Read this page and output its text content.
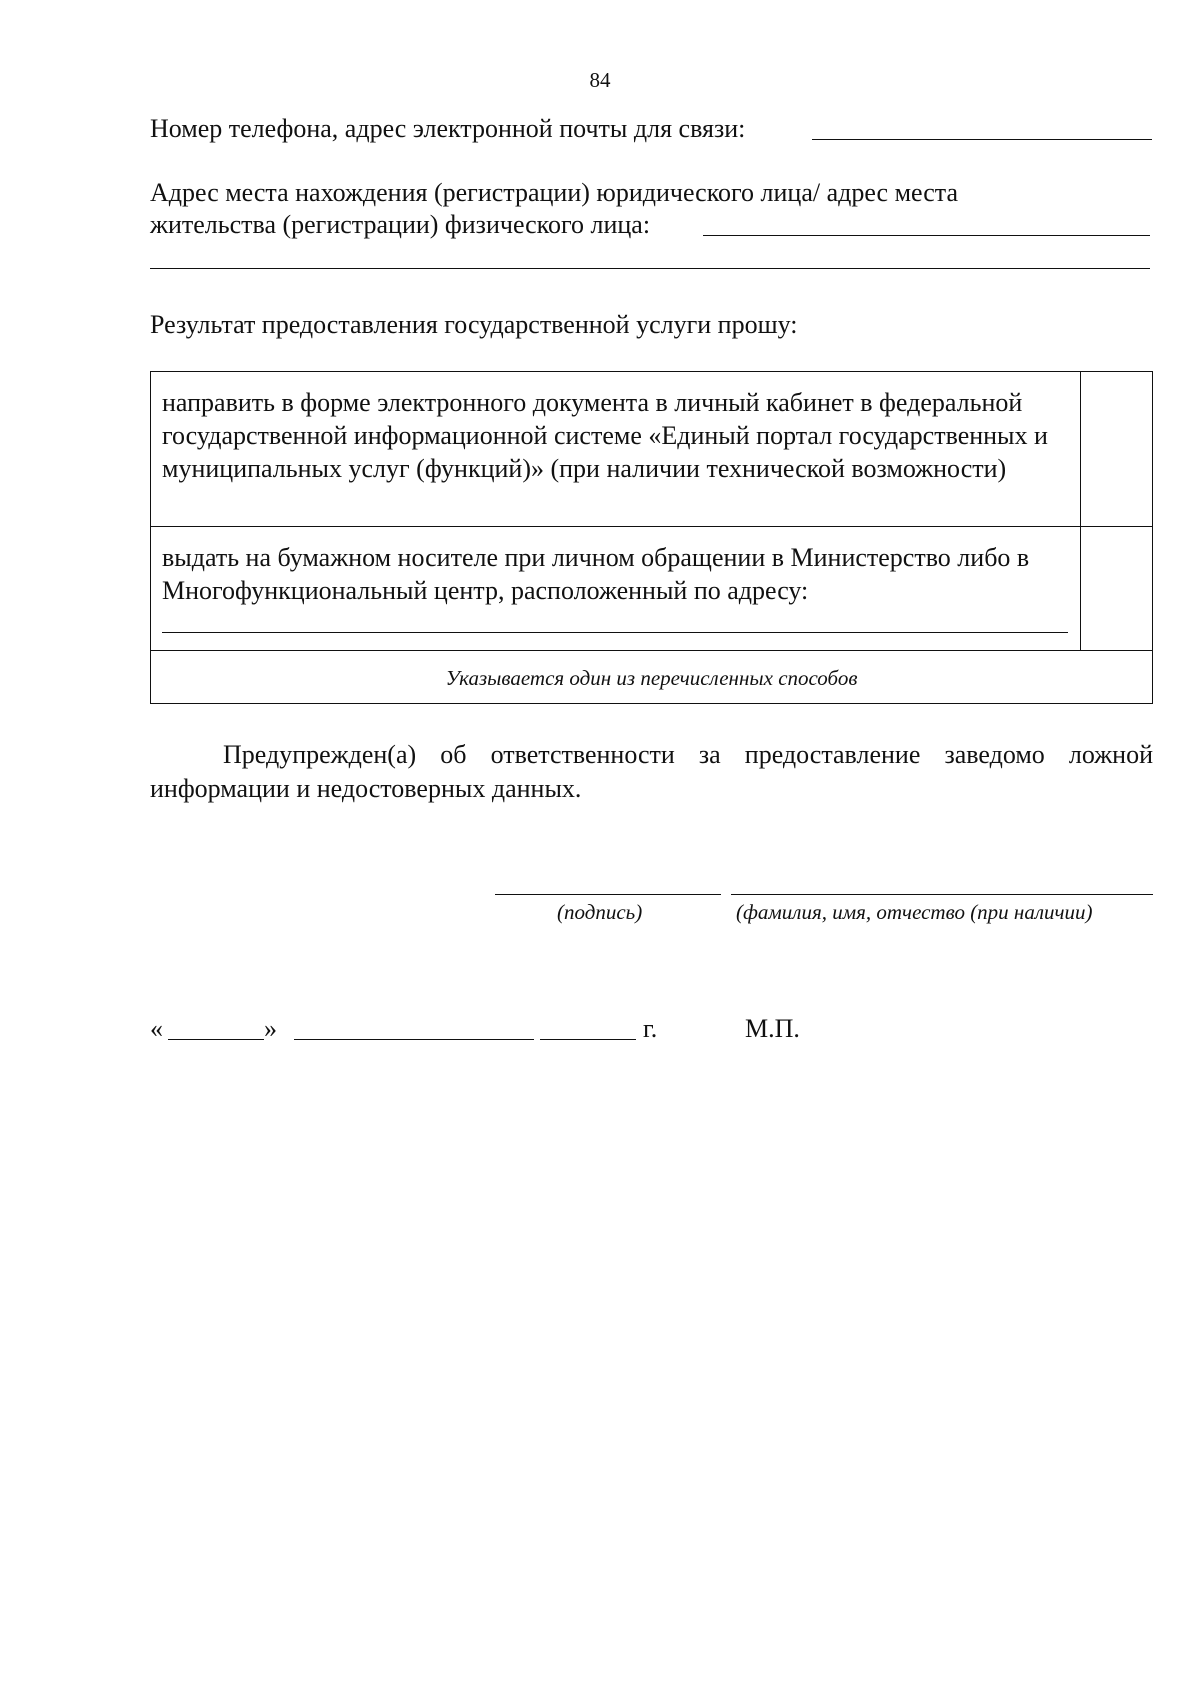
84
Номер телефона, адрес электронной почты для связи:
Адрес места нахождения (регистрации) юридического лица/ адрес места
жительства (регистрации) физического лица:
Результат предоставления государственной услуги прошу:
направить в форме электронного документа в личный кабинет в федеральной государственной информационной системе «Единый портал государственных и муниципальных услуг (функций)» (при наличии технической возможности)
выдать на бумажном носителе при личном обращении в Министерство либо в Многофункциональный центр, расположенный по адресу:
Указывается один из перечисленных способов
Предупрежден(а) об ответственности за предоставление заведомо ложной информации и недостоверных данных.
(подпись)	(фамилия, имя, отчество (при наличии)
«	»	г.	М.П.
